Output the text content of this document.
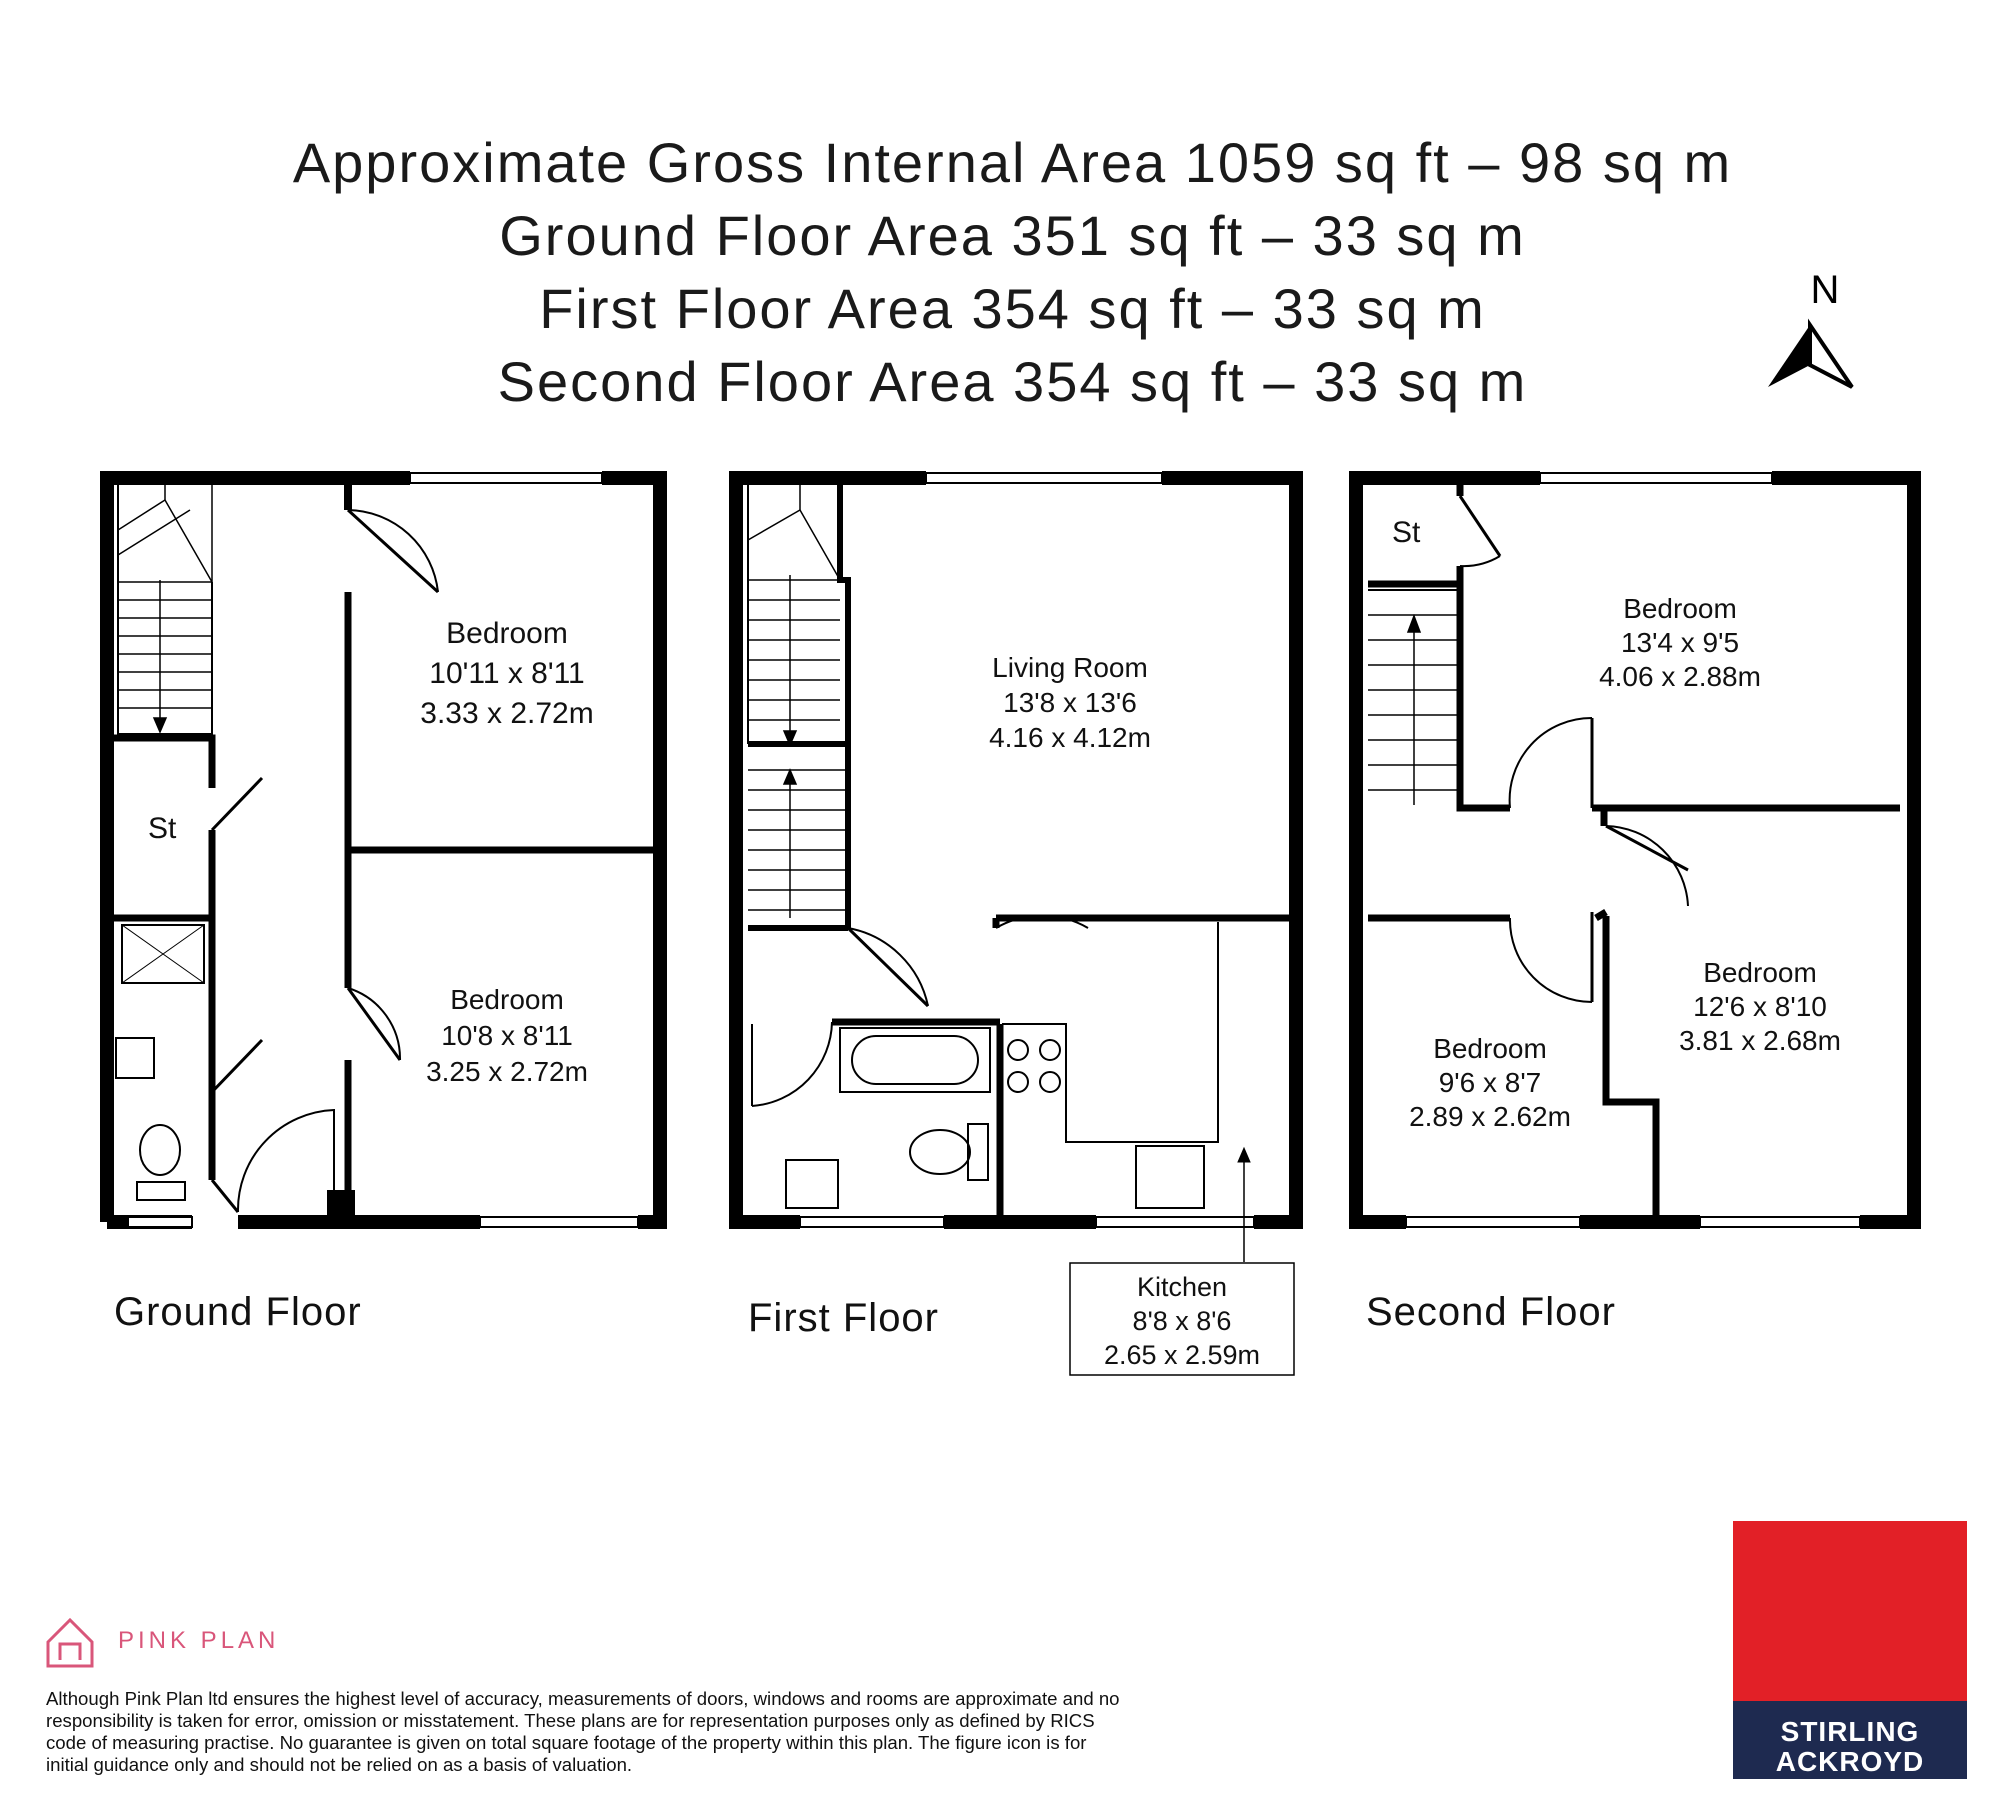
Approximate Gross Internal Area 1059 sq ft – 98 sq m
Ground Floor Area 351 sq ft – 33 sq m
First Floor Area 354 sq ft – 33 sq m
Second Floor Area 354 sq ft – 33 sq m
N
Bedroom
10'11 x 8'11
3.33 x 2.72m
Bedroom
10'8 x 8'11
3.25 x 2.72m
St
Living Room
13'8 x 13'6
4.16 x 4.12m
Kitchen
8'8 x 8'6
2.65 x 2.59m
St
Bedroom
13'4 x 9'5
4.06 x 2.88m
Bedroom
12'6 x 8'10
3.81 x 2.68m
Bedroom
9'6 x 8'7
2.89 x 2.62m
Ground Floor	First Floor	Second Floor
PINK PLAN
Although Pink Plan ltd ensures the highest level of accuracy, measurements of doors, windows and rooms are approximate and no responsibility is taken for error, omission or misstatement. These plans are for representation purposes only as defined by RICS code of measuring practise. No guarantee is given on total square footage of the property within this plan. The figure icon is for initial guidance only and should not be relied on as a basis of valuation.
STIRLING
ACKROYD
